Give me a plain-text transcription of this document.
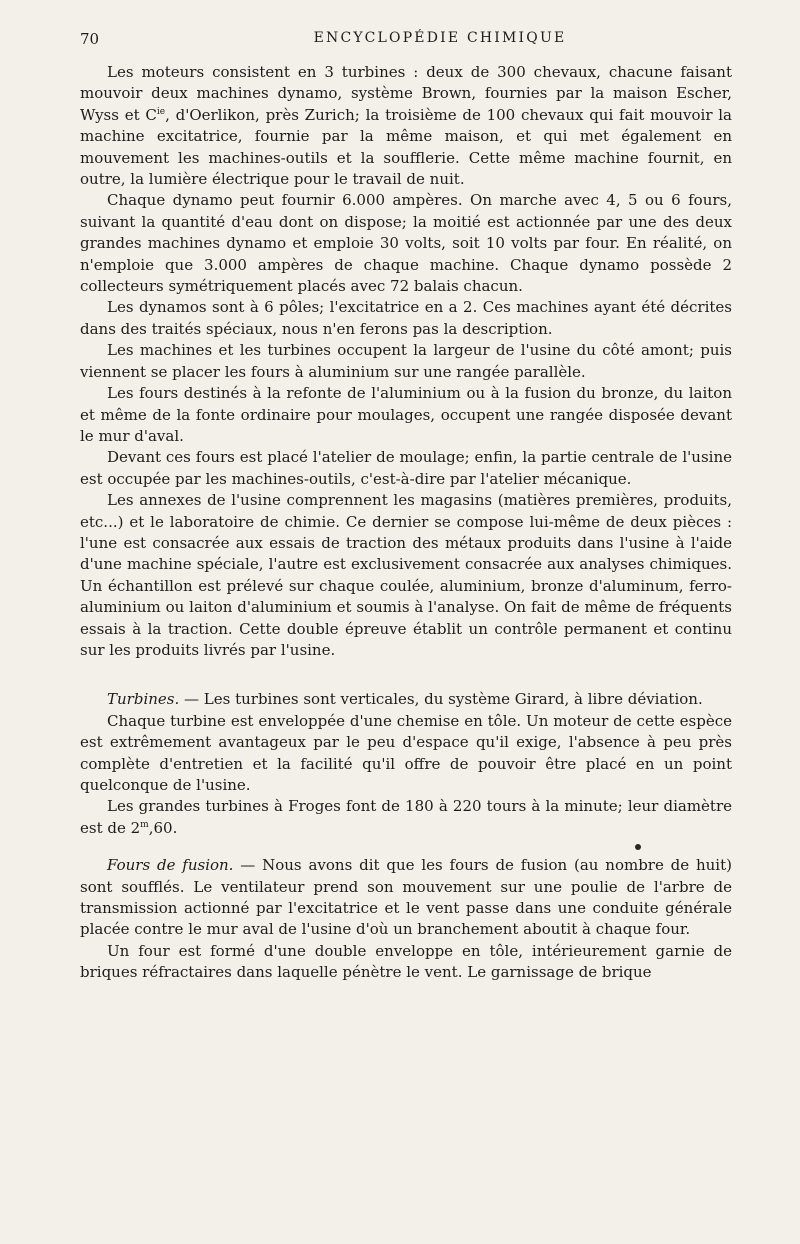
70	ENCYCLOPÉDIE CHIMIQUE

Les moteurs consistent en 3 turbines : deux de 300 chevaux, chacune faisant mouvoir deux machines dynamo, système Brown, fournies par la maison Escher, Wyss et $C^{ie}$, d'Oerlikon, près Zurich; la troisième de 100 chevaux qui fait mouvoir la machine excitatrice, fournie par la même maison, et qui met également en mouvement les machines-outils et la soufflerie. Cette même machine fournit, en outre, la lumière électrique pour le travail de nuit.

Chaque dynamo peut fournir 6.000 ampères. On marche avec 4, 5 ou 6 fours, suivant la quantité d'eau dont on dispose; la moitié est actionnée par une des deux grandes machines dynamo et emploie 30 volts, soit 10 volts par four. En réalité, on n'emploie que 3.000 ampères de chaque machine. Chaque dynamo possède 2 collecteurs symétriquement placés avec 72 balais chacun.

Les dynamos sont à 6 pôles; l'excitatrice en a 2. Ces machines ayant été décrites dans des traités spéciaux, nous n'en ferons pas la description.

Les machines et les turbines occupent la largeur de l'usine du côté amont; puis viennent se placer les fours à aluminium sur une rangée parallèle.

Les fours destinés à la refonte de l'aluminium ou à la fusion du bronze, du laiton et même de la fonte ordinaire pour moulages, occupent une rangée disposée devant le mur d'aval.

Devant ces fours est placé l'atelier de moulage; enfin, la partie centrale de l'usine est occupée par les machines-outils, c'est-à-dire par l'atelier mécanique.

Les annexes de l'usine comprennent les magasins (matières premières, produits, etc...) et le laboratoire de chimie. Ce dernier se compose lui-même de deux pièces : l'une est consacrée aux essais de traction des métaux produits dans l'usine à l'aide d'une machine spéciale, l'autre est exclusivement consacrée aux analyses chimiques. Un échantillon est prélevé sur chaque coulée, aluminium, bronze d'aluminum, ferro-aluminium ou laiton d'aluminium et soumis à l'analyse. On fait de même de fréquents essais à la traction. Cette double épreuve établit un contrôle permanent et continu sur les produits livrés par l'usine.

Turbines. — Les turbines sont verticales, du système Girard, à libre déviation.

Chaque turbine est enveloppée d'une chemise en tôle. Un moteur de cette espèce est extrêmement avantageux par le peu d'espace qu'il exige, l'absence à peu près complète d'entretien et la facilité qu'il offre de pouvoir être placé en un point quelconque de l'usine.

Les grandes turbines à Froges font de 180 à 220 tours à la minute; leur diamètre est de 2$^m$,60.

Fours de fusion. — Nous avons dit que les fours de fusion (au nombre de huit) sont soufflés. Le ventilateur prend son mouvement sur une poulie de l'arbre de transmission actionné par l'excitatrice et le vent passe dans une conduite générale placée contre le mur aval de l'usine d'où un branchement aboutit à chaque four.

Un four est formé d'une double enveloppe en tôle, intérieurement garnie de briques réfractaires dans laquelle pénètre le vent. Le garnissage de brique
